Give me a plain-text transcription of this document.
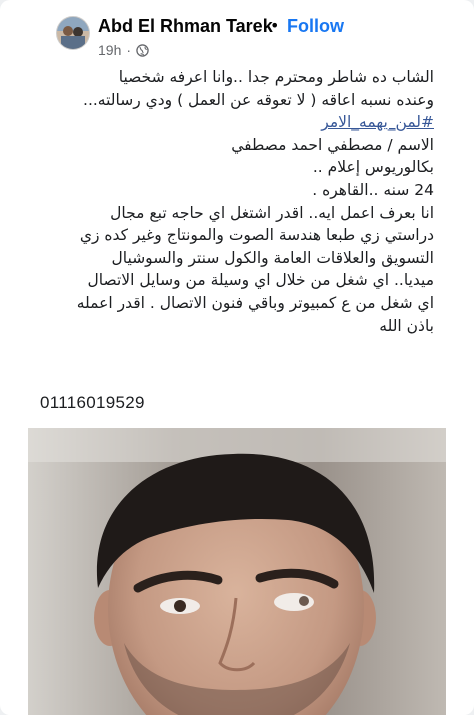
Abd El Rhman Tarek
• Follow
19h ·

الشاب ده شاطر ومحترم جدا ..وانا اعرفه شخصيا

وعنده نسبه اعاقه ( لا تعوقه عن العمل ) ودي رسالته...

#لمن_يهمه_الامر

الاسم / مصطفي احمد مصطفي

بكالوريوس إعلام ..

24 سنه ..القاهره .

انا بعرف اعمل ايه.. اقدر اشتغل اي حاجه تبع مجال

دراستي زي طبعا هندسة الصوت والمونتاج وغير كده زي

التسويق والعلاقات العامة والكول سنتر والسوشيال

ميديا.. اي شغل من خلال اي وسيلة من وسايل الاتصال

اي شغل من ع كمبيوتر وباقي فنون الاتصال . اقدر اعمله

باذن الله

01116019529
